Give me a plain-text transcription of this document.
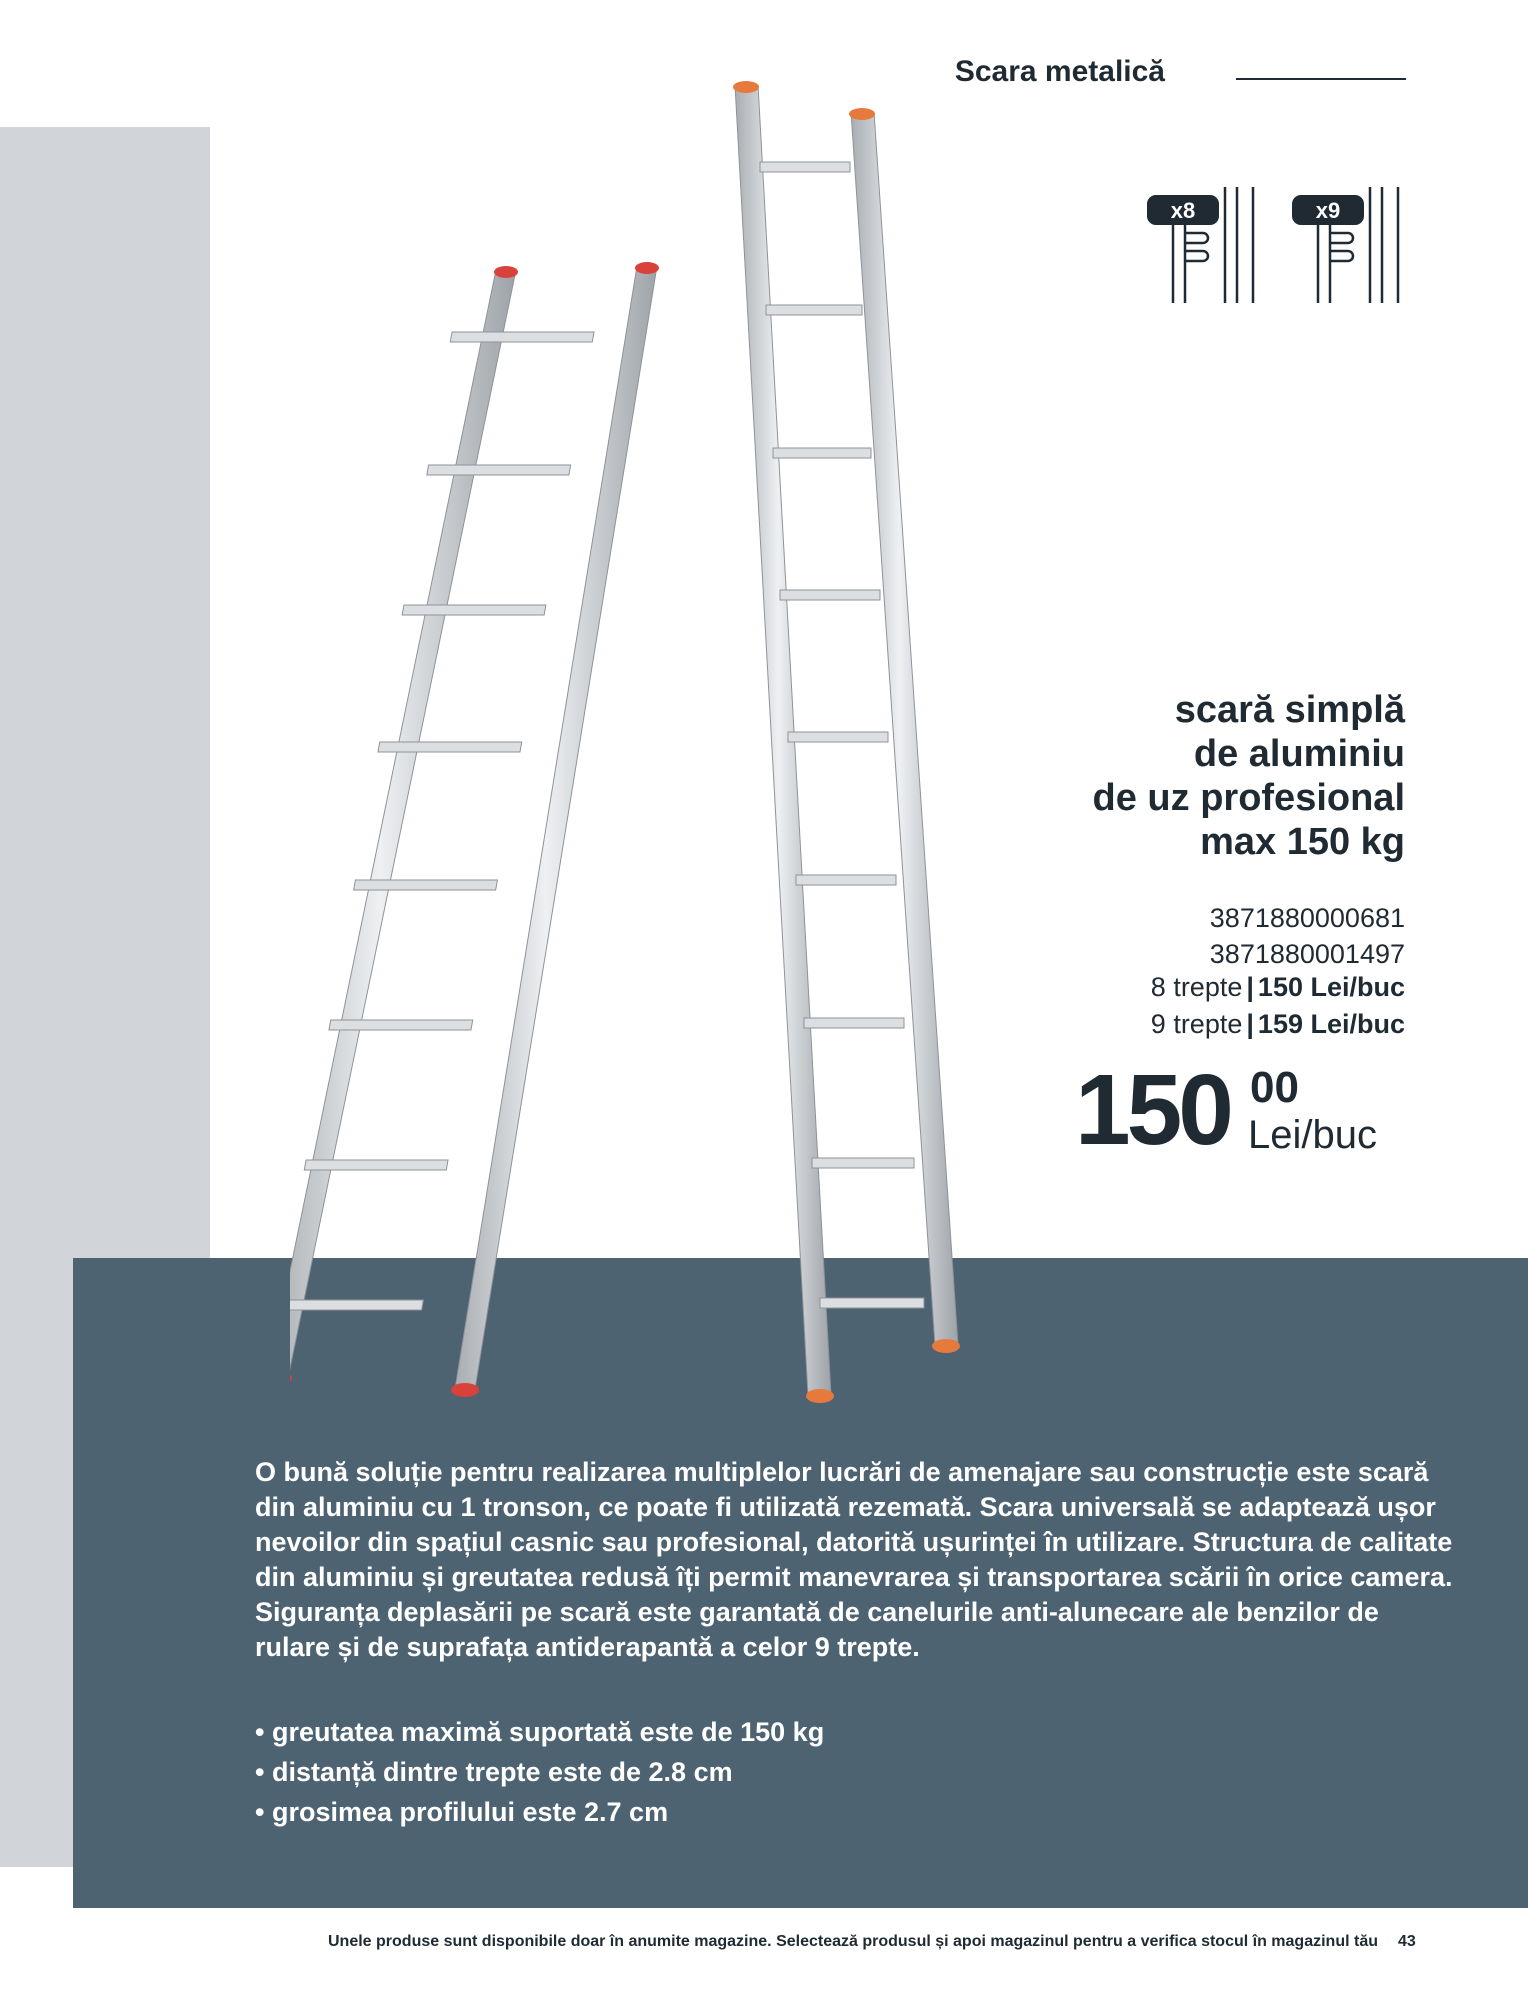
Scara metalică
x8	x9
scară simplă
de aluminiu
de uz profesional
max 150 kg
3871880000681
3871880001497
8 trepte | 150 Lei/buc
9 trepte | 159 Lei/buc
150 00
Lei/buc
O bună soluție pentru realizarea multiplelor lucrări de amenajare sau construcție este scară din aluminiu cu 1 tronson, ce poate fi utilizată rezemată. Scara universală se adaptează ușor nevoilor din spațiul casnic sau profesional, datorită ușurinței în utilizare. Structura de calitate din aluminiu și greutatea redusă îți permit manevrarea și transportarea scării în orice camera. Siguranța deplasării pe scară este garantată de canelurile anti-alunecare ale benzilor de rulare și de suprafața antiderapantă a celor 9 trepte.
• greutatea maximă suportată este de 150 kg
• distanță dintre trepte este de 2.8 cm
• grosimea profilului este 2.7 cm
Unele produse sunt disponibile doar în anumite magazine. Selectează produsul și apoi magazinul pentru a verifica stocul în magazinul tău 43
